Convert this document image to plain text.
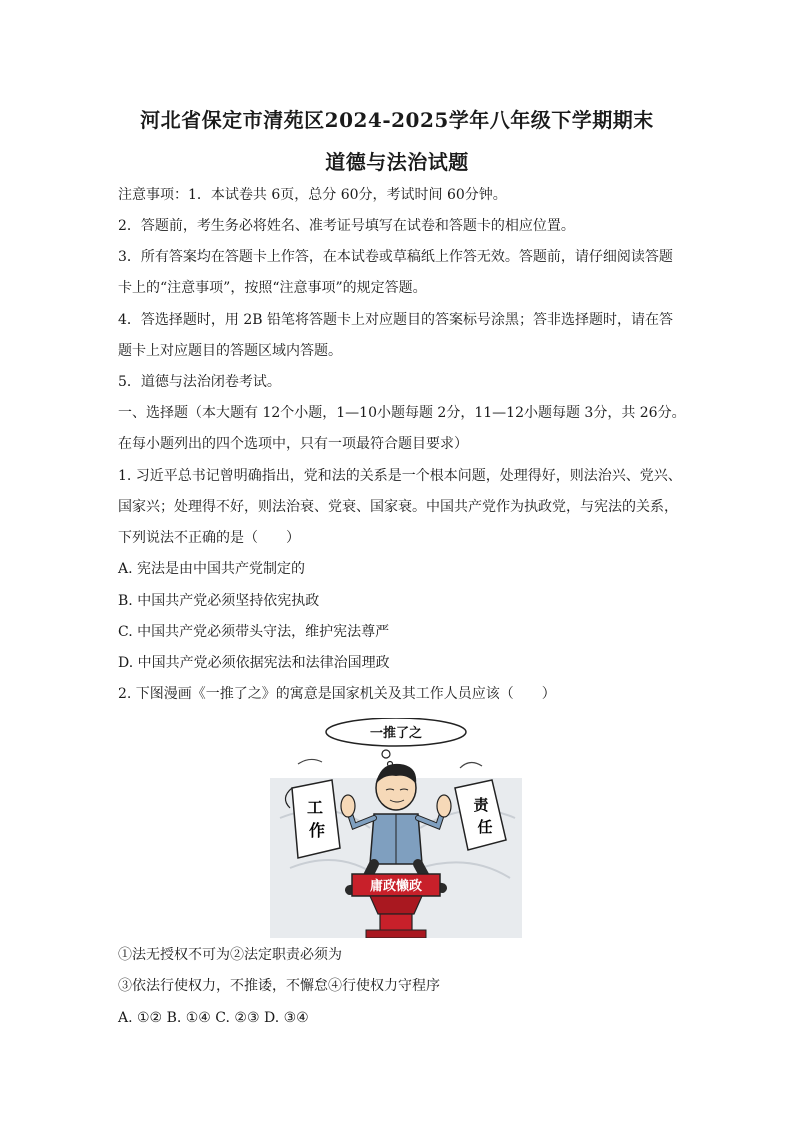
河北省保定市清苑区2024-2025学年八年级下学期期末
道德与法治试题
注意事项：1．本试卷共 6页，总分 60分，考试时间 60分钟。
2．答题前，考生务必将姓名、准考证号填写在试卷和答题卡的相应位置。
3．所有答案均在答题卡上作答，在本试卷或草稿纸上作答无效。答题前，请仔细阅读答题
卡上的“注意事项”，按照“注意事项”的规定答题。
4．答选择题时，用 2B 铅笔将答题卡上对应题目的答案标号涂黑；答非选择题时，请在答
题卡上对应题目的答题区域内答题。
5．道德与法治闭卷考试。
一、选择题（本大题有 12个小题，1—10小题每题 2分，11—12小题每题 3分，共 26分。
在每小题列出的四个选项中，只有一项最符合题目要求）
1. 习近平总书记曾明确指出，党和法的关系是一个根本问题，处理得好，则法治兴、党兴、
国家兴；处理得不好，则法治衰、党衰、国家衰。中国共产党作为执政党，与宪法的关系，
下列说法不正确的是（　　）
A. 宪法是由中国共产党制定的
B. 中国共产党必须坚持依宪执政
C. 中国共产党必须带头守法，维护宪法尊严
D. 中国共产党必须依据宪法和法律治国理政
2. 下图漫画《一推了之》的寓意是国家机关及其工作人员应该（　　）
一推了之
工
作
责
任
庸政懒政
①法无授权不可为②法定职责必须为
③依法行使权力，不推诿，不懈怠④行使权力守程序
A. ①② B. ①④ C. ②③ D. ③④
